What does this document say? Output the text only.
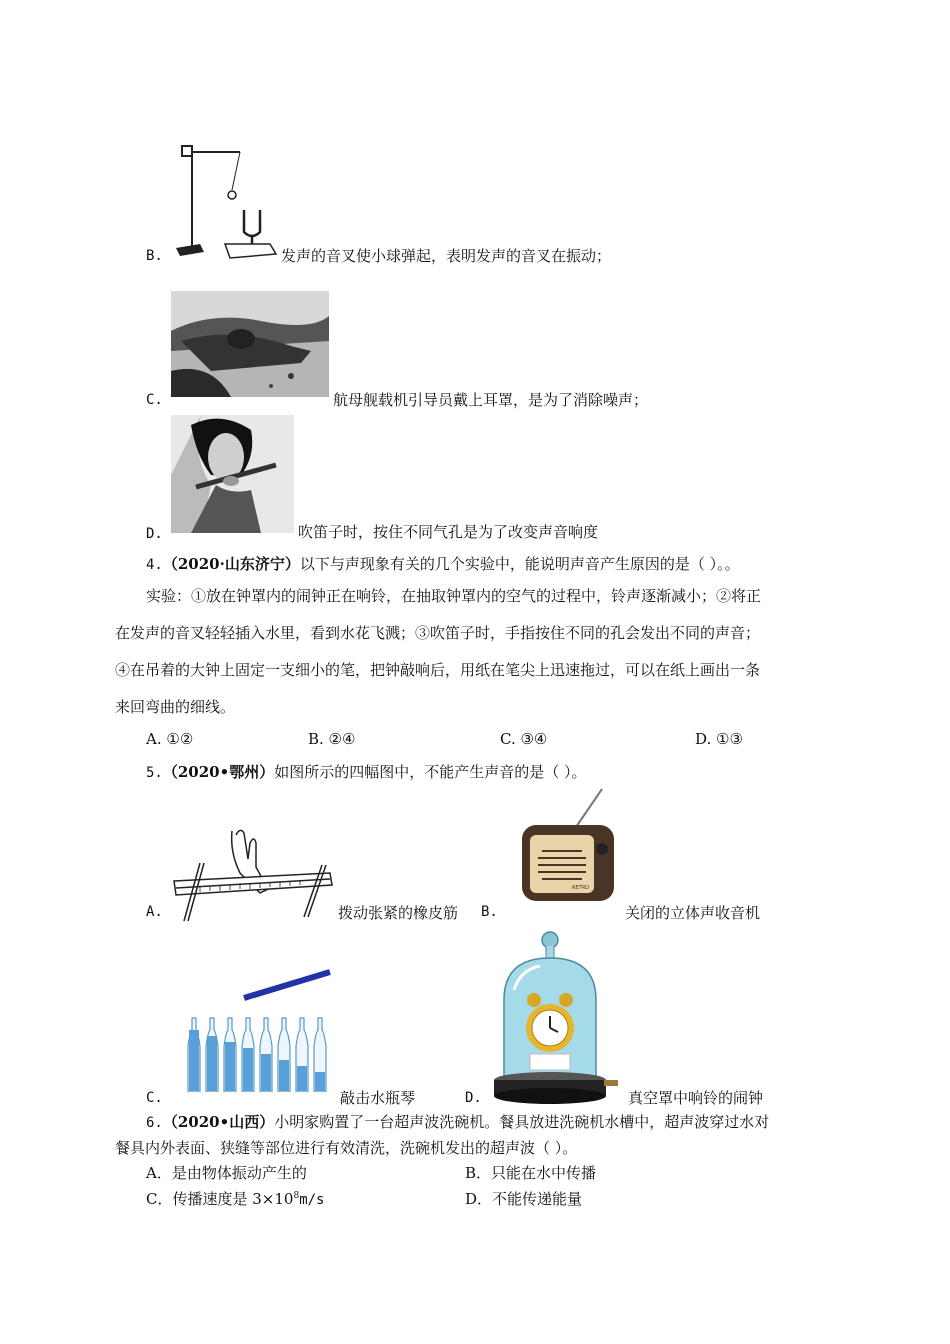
B.	发声的音叉使小球弹起，表明发声的音叉在振动；
C.	航母舰载机引导员戴上耳罩，是为了消除噪声；
D.	吹笛子时，按住不同气孔是为了改变声音响度
4.（2020·山东济宁）以下与声现象有关的几个实验中，能说明声音产生原因的是（ ）。。
实验：①放在钟罩内的闹钟正在响铃，在抽取钟罩内的空气的过程中，铃声逐渐减小；②将正
在发声的音叉轻轻插入水里，看到水花飞溅；③吹笛子时，手指按住不同的孔会发出不同的声音；
④在吊着的大钟上固定一支细小的笔，把钟敲响后，用纸在笔尖上迅速拖过，可以在纸上画出一条
来回弯曲的细线。
A. ①②	B. ②④	C. ③④	D. ①③
5.（2020•鄂州）如图所示的四幅图中，不能产生声音的是（ ）。
A.	拨动张紧的橡皮筋 B.
RETRO
关闭的立体声收音机
C.	敲击水瓶琴	D.	真空罩中响铃的闹钟
6.（2020•山西）小明家购置了一台超声波洗碗机。餐具放进洗碗机水槽中，超声波穿过水对
餐具内外表面、狭缝等部位进行有效清洗，洗碗机发出的超声波（ ）。
A．是由物体振动产生的	B．只能在水中传播
C．传播速度是 $3\times 10^8m/s$	D．不能传递能量
